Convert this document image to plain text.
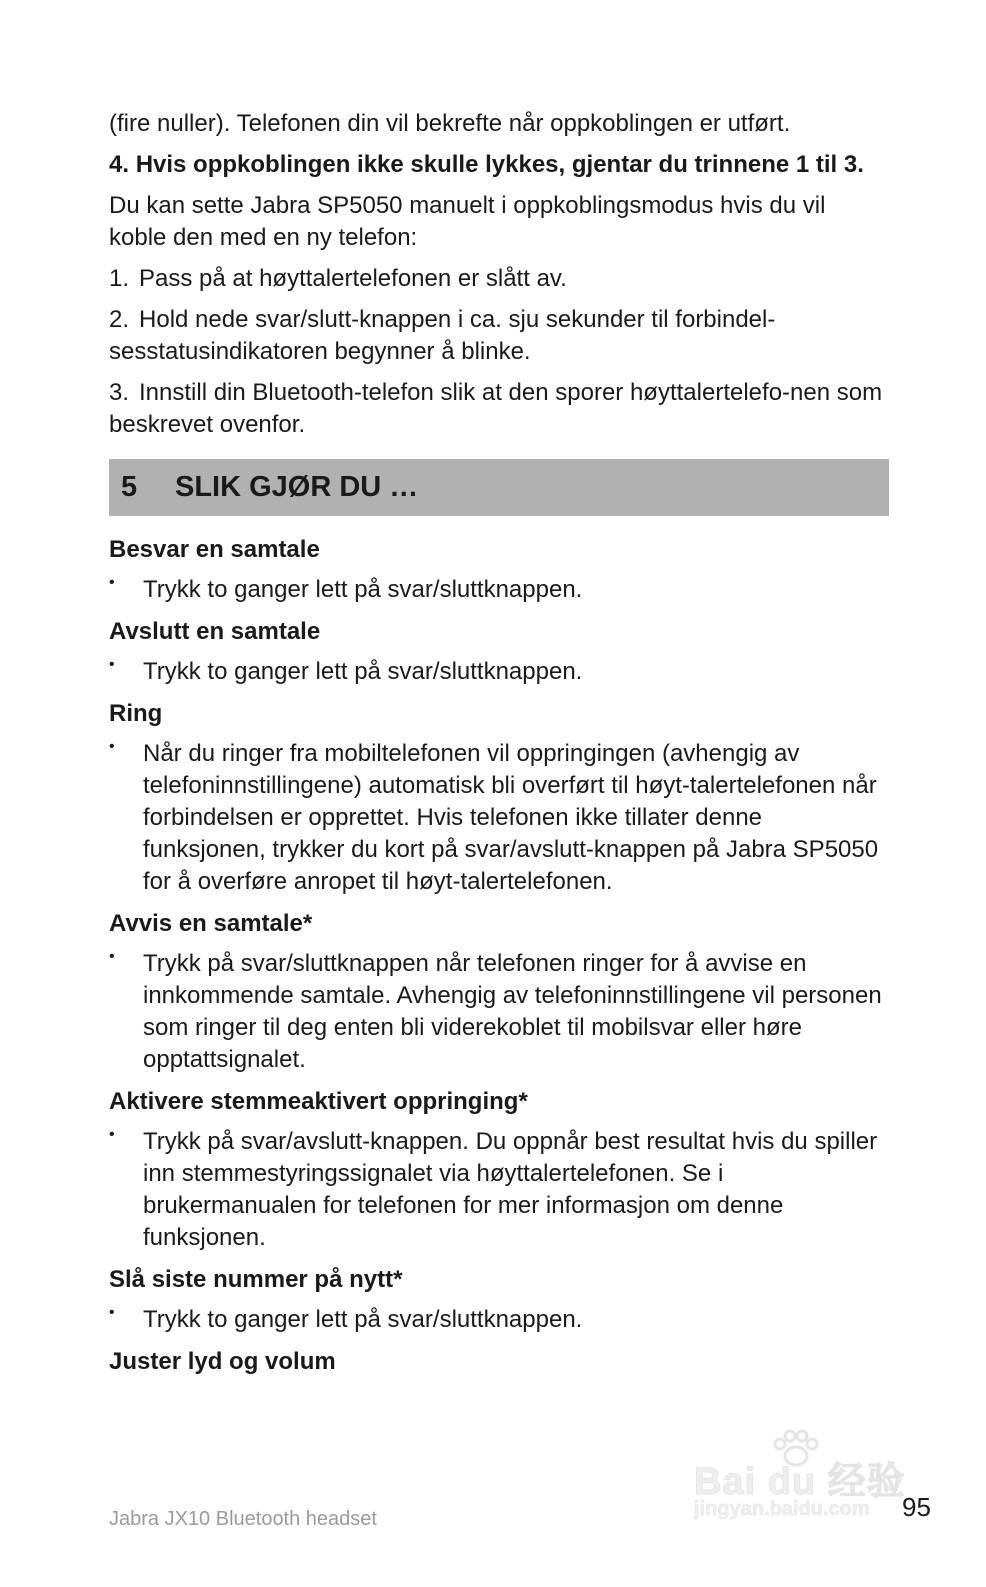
(fire nuller). Telefonen din vil bekrefte når oppkoblingen er utført.

4. Hvis oppkoblingen ikke skulle lykkes, gjentar du trinnene 1 til 3.

Du kan sette Jabra SP5050 manuelt i oppkoblingsmodus hvis du vil koble den med en ny telefon:

1. Pass på at høyttalertelefonen er slått av.

2. Hold nede svar/slutt-knappen i ca. sju sekunder til forbindel-sesstatusindikatoren begynner å blinke.

3. Innstill din Bluetooth-telefon slik at den sporer høyttalertelefo-nen som beskrevet ovenfor.

5	SLIK GJØR DU …
Besvar en samtale
•	Trykk to ganger lett på svar/sluttknappen.
Avslutt en samtale
•	Trykk to ganger lett på svar/sluttknappen.
Ring
•	Når du ringer fra mobiltelefonen vil oppringingen (avhengig av telefoninnstillingene) automatisk bli overført til høyt-talertelefonen når forbindelsen er opprettet. Hvis telefonen ikke tillater denne funksjonen, trykker du kort på svar/avslutt-knappen på Jabra SP5050 for å overføre anropet til høyt-talertelefonen.
Avvis en samtale*
•	Trykk på svar/sluttknappen når telefonen ringer for å avvise en innkommende samtale. Avhengig av telefoninnstillingene vil personen som ringer til deg enten bli viderekoblet til mobilsvar eller høre opptattsignalet.
Aktivere stemmeaktivert oppringing*
•	Trykk på svar/avslutt-knappen. Du oppnår best resultat hvis du spiller inn stemmestyringssignalet via høyttalertelefonen. Se i brukermanualen for telefonen for mer informasjon om denne funksjonen.
Slå siste nummer på nytt*
•	Trykk to ganger lett på svar/sluttknappen.
Juster lyd og volum
Bai du 经验
jingyan.baidu.com
Jabra JX10 Bluetooth headset	95
